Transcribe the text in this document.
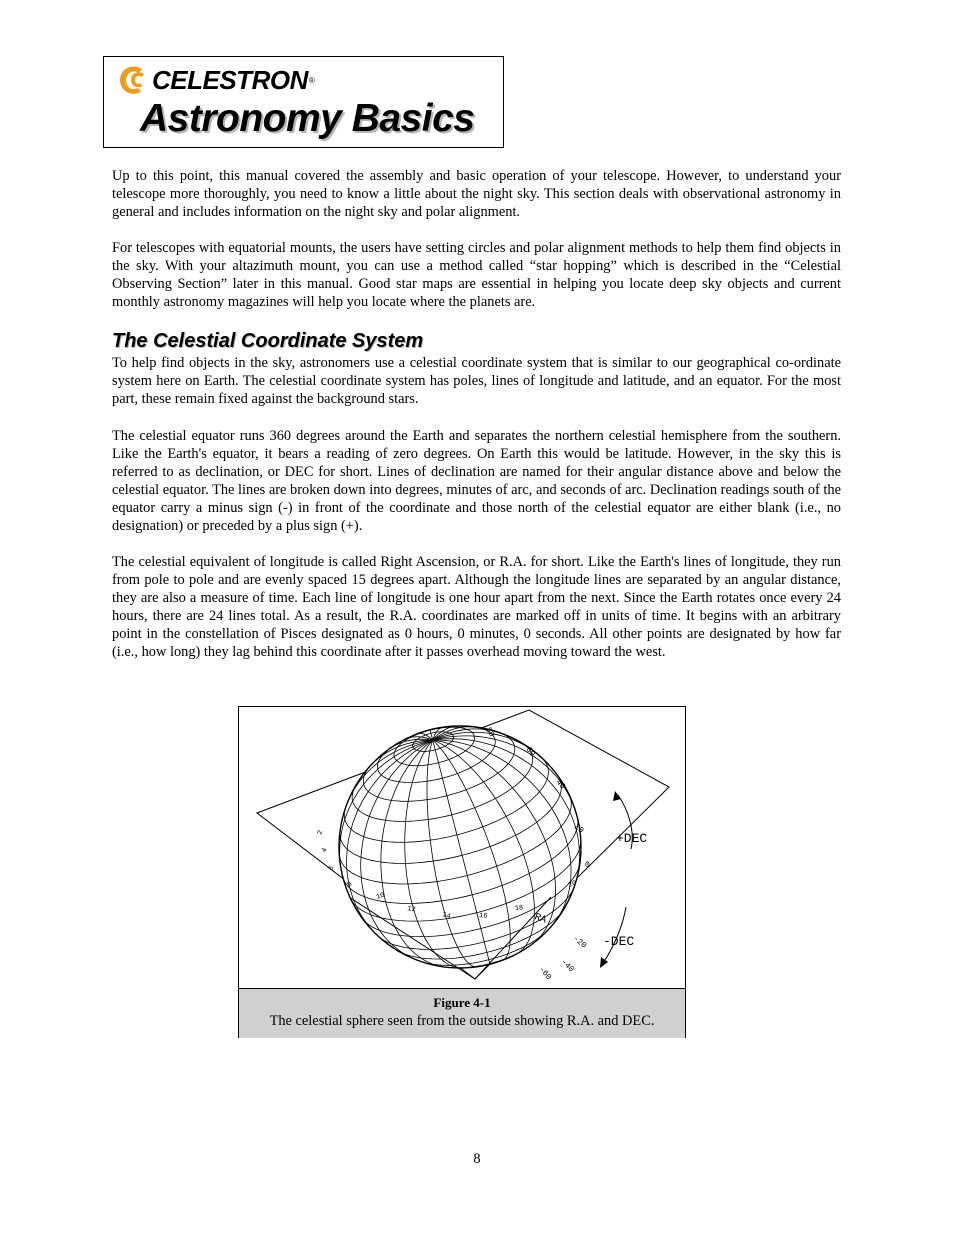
CELESTRON ®
Astronomy Basics

Up to this point, this manual covered the assembly and basic operation of your telescope. However, to understand your telescope more thoroughly, you need to know a little about the night sky. This section deals with observational astronomy in general and includes information on the night sky and polar alignment.

For telescopes with equatorial mounts, the users have setting circles and polar alignment methods to help them find objects in the sky. With your altazimuth mount, you can use a method called “star hopping” which is described in the “Celestial Observing Section” later in this manual. Good star maps are essential in helping you locate deep sky objects and current monthly astronomy magazines will help you locate where the planets are.

The Celestial Coordinate System

To help find objects in the sky, astronomers use a celestial coordinate system that is similar to our geographical co-ordinate system here on Earth. The celestial coordinate system has poles, lines of longitude and latitude, and an equator. For the most part, these remain fixed against the background stars.

The celestial equator runs 360 degrees around the Earth and separates the northern celestial hemisphere from the southern. Like the Earth's equator, it bears a reading of zero degrees. On Earth this would be latitude. However, in the sky this is referred to as declination, or DEC for short. Lines of declination are named for their angular distance above and below the celestial equator. The lines are broken down into degrees, minutes of arc, and seconds of arc. Declination readings south of the equator carry a minus sign (-) in front of the coordinate and those north of the celestial equator are either blank (i.e., no designation) or preceded by a plus sign (+).

The celestial equivalent of longitude is called Right Ascension, or R.A. for short. Like the Earth's lines of longitude, they run from pole to pole and are evenly spaced 15 degrees apart. Although the longitude lines are separated by an angular distance, they are also a measure of time. Each line of longitude is one hour apart from the next. Since the Earth rotates once every 24 hours, there are 24 lines total. As a result, the R.A. coordinates are marked off in units of time. It begins with an arbitrary point in the constellation of Pisces designated as 0 hours, 0 minutes, 0 seconds. All other points are designated by how far (i.e., how long) they lag behind this coordinate after it passes overhead moving toward the west.

+DEC
-DEC
RA
80
60
40
20
0
-20
-40
-60
2
4
6
8
10
12
14	16
18
20
Figure 4-1
The celestial sphere seen from the outside showing R.A. and DEC.
8
